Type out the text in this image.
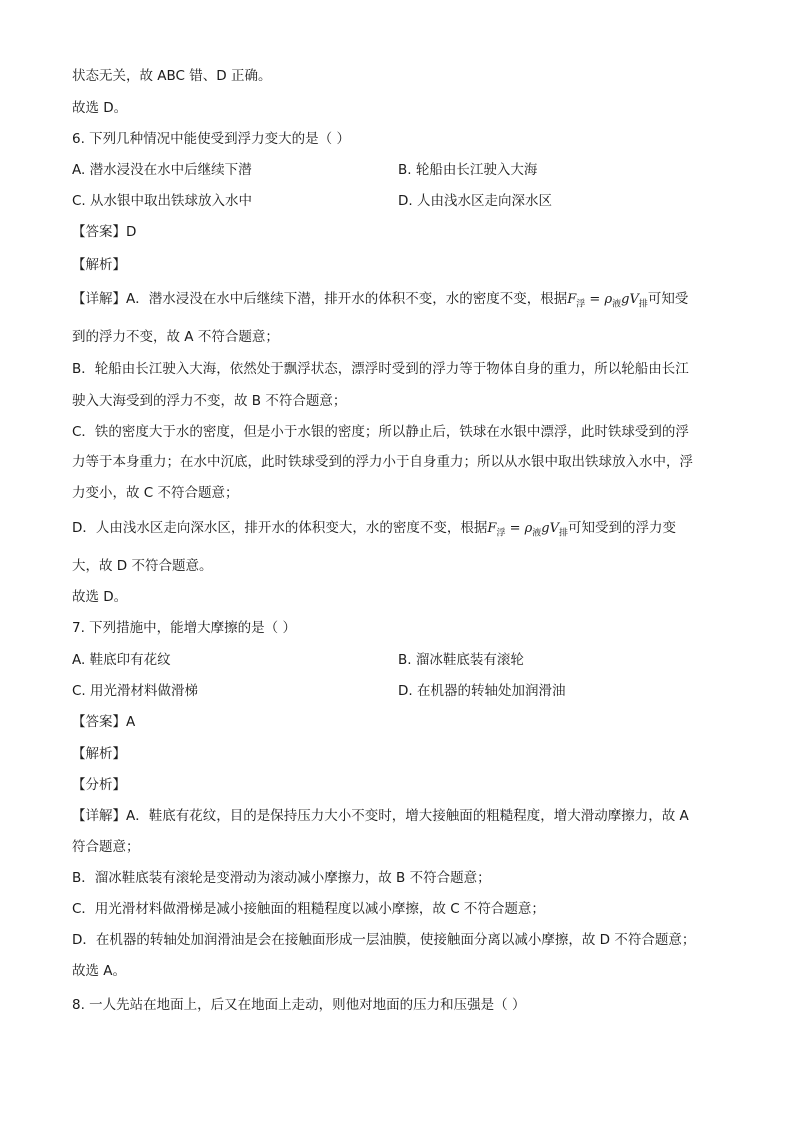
状态无关，故 ABC 错、D 正确。
故选 D。
6. 下列几种情况中能使受到浮力变大的是（ ）
A. 潜水浸没在水中后继续下潜	B. 轮船由长江驶入大海
C. 从水银中取出铁球放入水中	D. 人由浅水区走向深水区
【答案】D
【解析】
【详解】A．潜水浸没在水中后继续下潜，排开水的体积不变，水的密度不变，根据$F_浮 = \rho_液gV_排$可知受
到的浮力不变，故 A 不符合题意；
B．轮船由长江驶入大海，依然处于飘浮状态，漂浮时受到的浮力等于物体自身的重力，所以轮船由长江
驶入大海受到的浮力不变，故 B 不符合题意；
C．铁的密度大于水的密度，但是小于水银的密度；所以静止后，铁球在水银中漂浮，此时铁球受到的浮
力等于本身重力；在水中沉底，此时铁球受到的浮力小于自身重力；所以从水银中取出铁球放入水中，浮
力变小，故 C 不符合题意；
D．人由浅水区走向深水区，排开水的体积变大，水的密度不变，根据$F_浮 = \rho_液gV_排$可知受到的浮力变
大，故 D 不符合题意。
故选 D。
7. 下列措施中，能增大摩擦的是（ ）
A. 鞋底印有花纹	B. 溜冰鞋底装有滚轮
C. 用光滑材料做滑梯	D. 在机器的转轴处加润滑油
【答案】A
【解析】
【分析】
【详解】A．鞋底有花纹，目的是保持压力大小不变时，增大接触面的粗糙程度，增大滑动摩擦力，故 A
符合题意；
B．溜冰鞋底装有滚轮是变滑动为滚动减小摩擦力，故 B 不符合题意；
C．用光滑材料做滑梯是减小接触面的粗糙程度以减小摩擦，故 C 不符合题意；
D．在机器的转轴处加润滑油是会在接触面形成一层油膜，使接触面分离以减小摩擦，故 D 不符合题意；
故选 A。
8. 一人先站在地面上，后又在地面上走动，则他对地面的压力和压强是（ ）
